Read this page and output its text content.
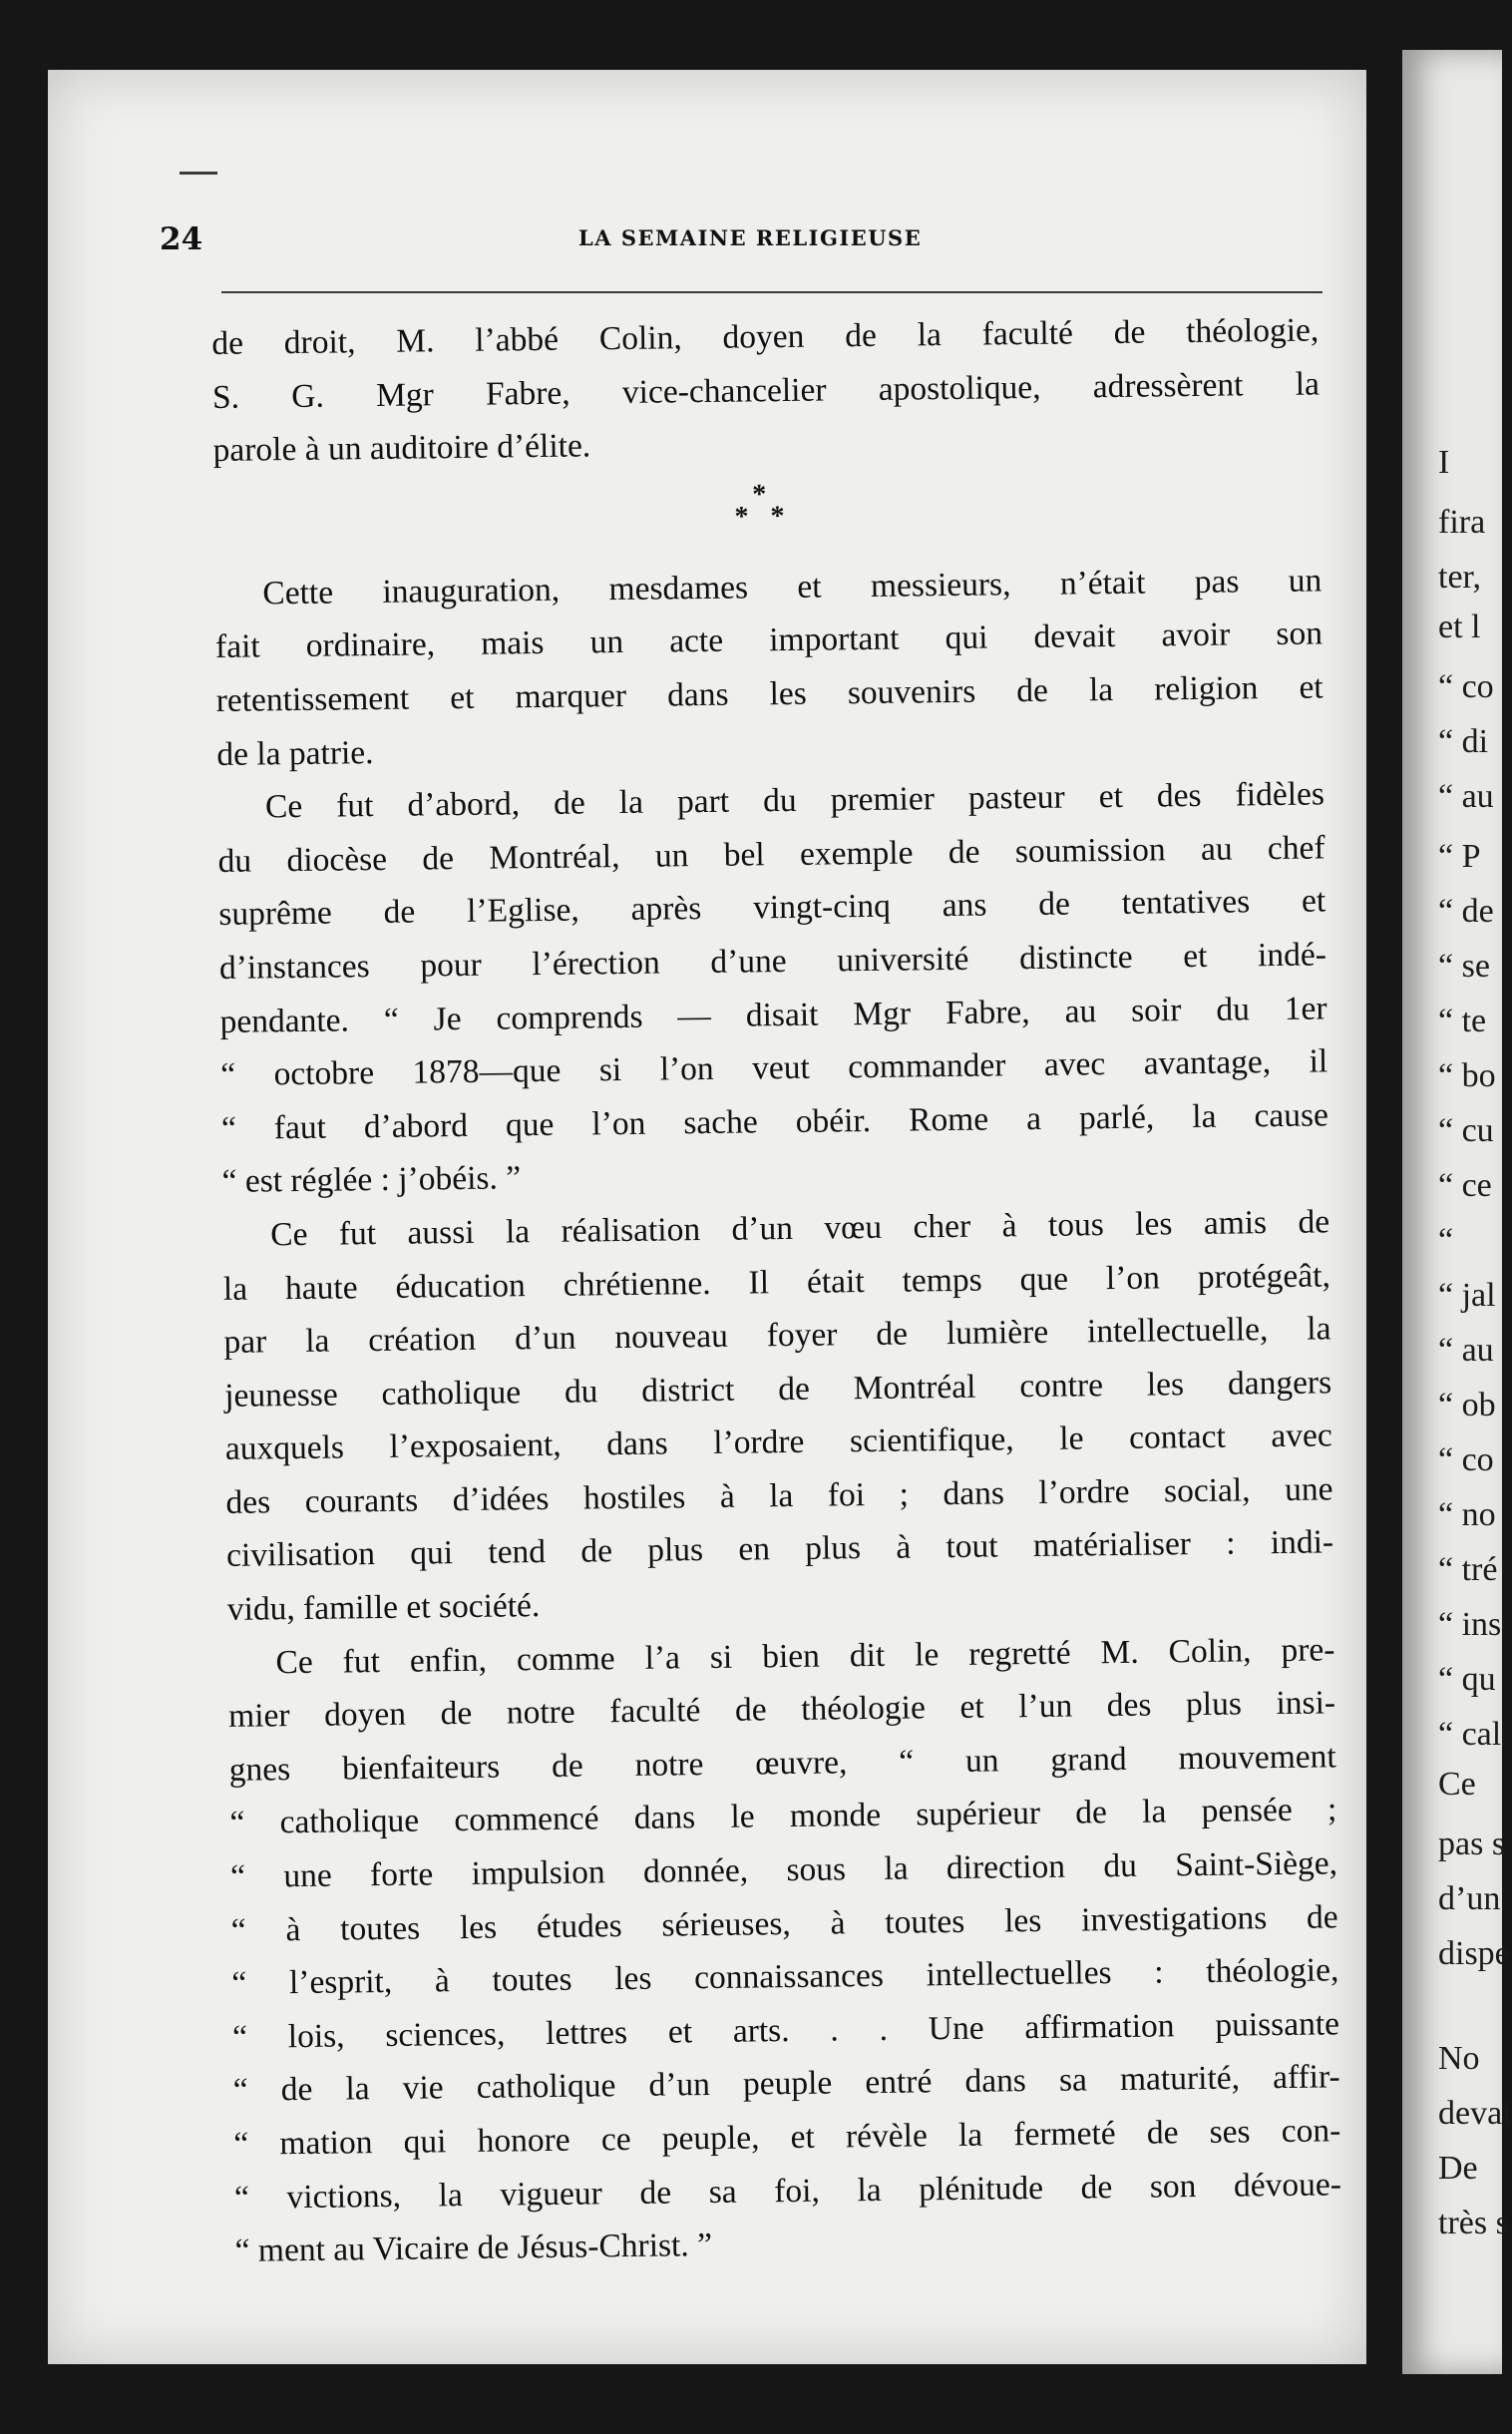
I
fira
ter,
et l
“ co
“ di
“ au
“ P
“ de
“ se
“ te
“ bo
“ cu
“ ce
“
“ jal
“ au
“ ob
“ co
“ no
“ tré
“ ins
“ qu
“ cal
Ce
pas s
d’un
dispe
No
devai
De
très s
24	LA SEMAINE RELIGIEUSE
de droit, M. l’abbé Colin, doyen de la faculté de théologie,
S. G. Mgr Fabre, vice-chancelier apostolique, adressèrent la
parole à un auditoire d’élite.
*
* *
Cette inauguration, mesdames et messieurs, n’était pas un
fait ordinaire, mais un acte important qui devait avoir son
retentissement et marquer dans les souvenirs de la religion et
de la patrie.
Ce fut d’abord, de la part du premier pasteur et des fidèles
du diocèse de Montréal, un bel exemple de soumission au chef
suprême de l’Eglise, après vingt-cinq ans de tentatives et
d’instances pour l’érection d’une université distincte et indé-
pendante. “ Je comprends — disait Mgr Fabre, au soir du 1er
“ octobre 1878—que si l’on veut commander avec avantage, il
“ faut d’abord que l’on sache obéir. Rome a parlé, la cause
“ est réglée : j’obéis. ”
Ce fut aussi la réalisation d’un vœu cher à tous les amis de
la haute éducation chrétienne. Il était temps que l’on protégeât,
par la création d’un nouveau foyer de lumière intellectuelle, la
jeunesse catholique du district de Montréal contre les dangers
auxquels l’exposaient, dans l’ordre scientifique, le contact avec
des courants d’idées hostiles à la foi ; dans l’ordre social, une
civilisation qui tend de plus en plus à tout matérialiser : indi-
vidu, famille et société.
Ce fut enfin, comme l’a si bien dit le regretté M. Colin, pre-
mier doyen de notre faculté de théologie et l’un des plus insi-
gnes bienfaiteurs de notre œuvre, “ un grand mouvement
“ catholique commencé dans le monde supérieur de la pensée ;
“ une forte impulsion donnée, sous la direction du Saint-Siège,
“ à toutes les études sérieuses, à toutes les investigations de
“ l’esprit, à toutes les connaissances intellectuelles : théologie,
“ lois, sciences, lettres et arts. . . Une affirmation puissante
“ de la vie catholique d’un peuple entré dans sa maturité, affir-
“ mation qui honore ce peuple, et révèle la fermeté de ses con-
“ victions, la vigueur de sa foi, la plénitude de son dévoue-
“ ment au Vicaire de Jésus-Christ. ”
